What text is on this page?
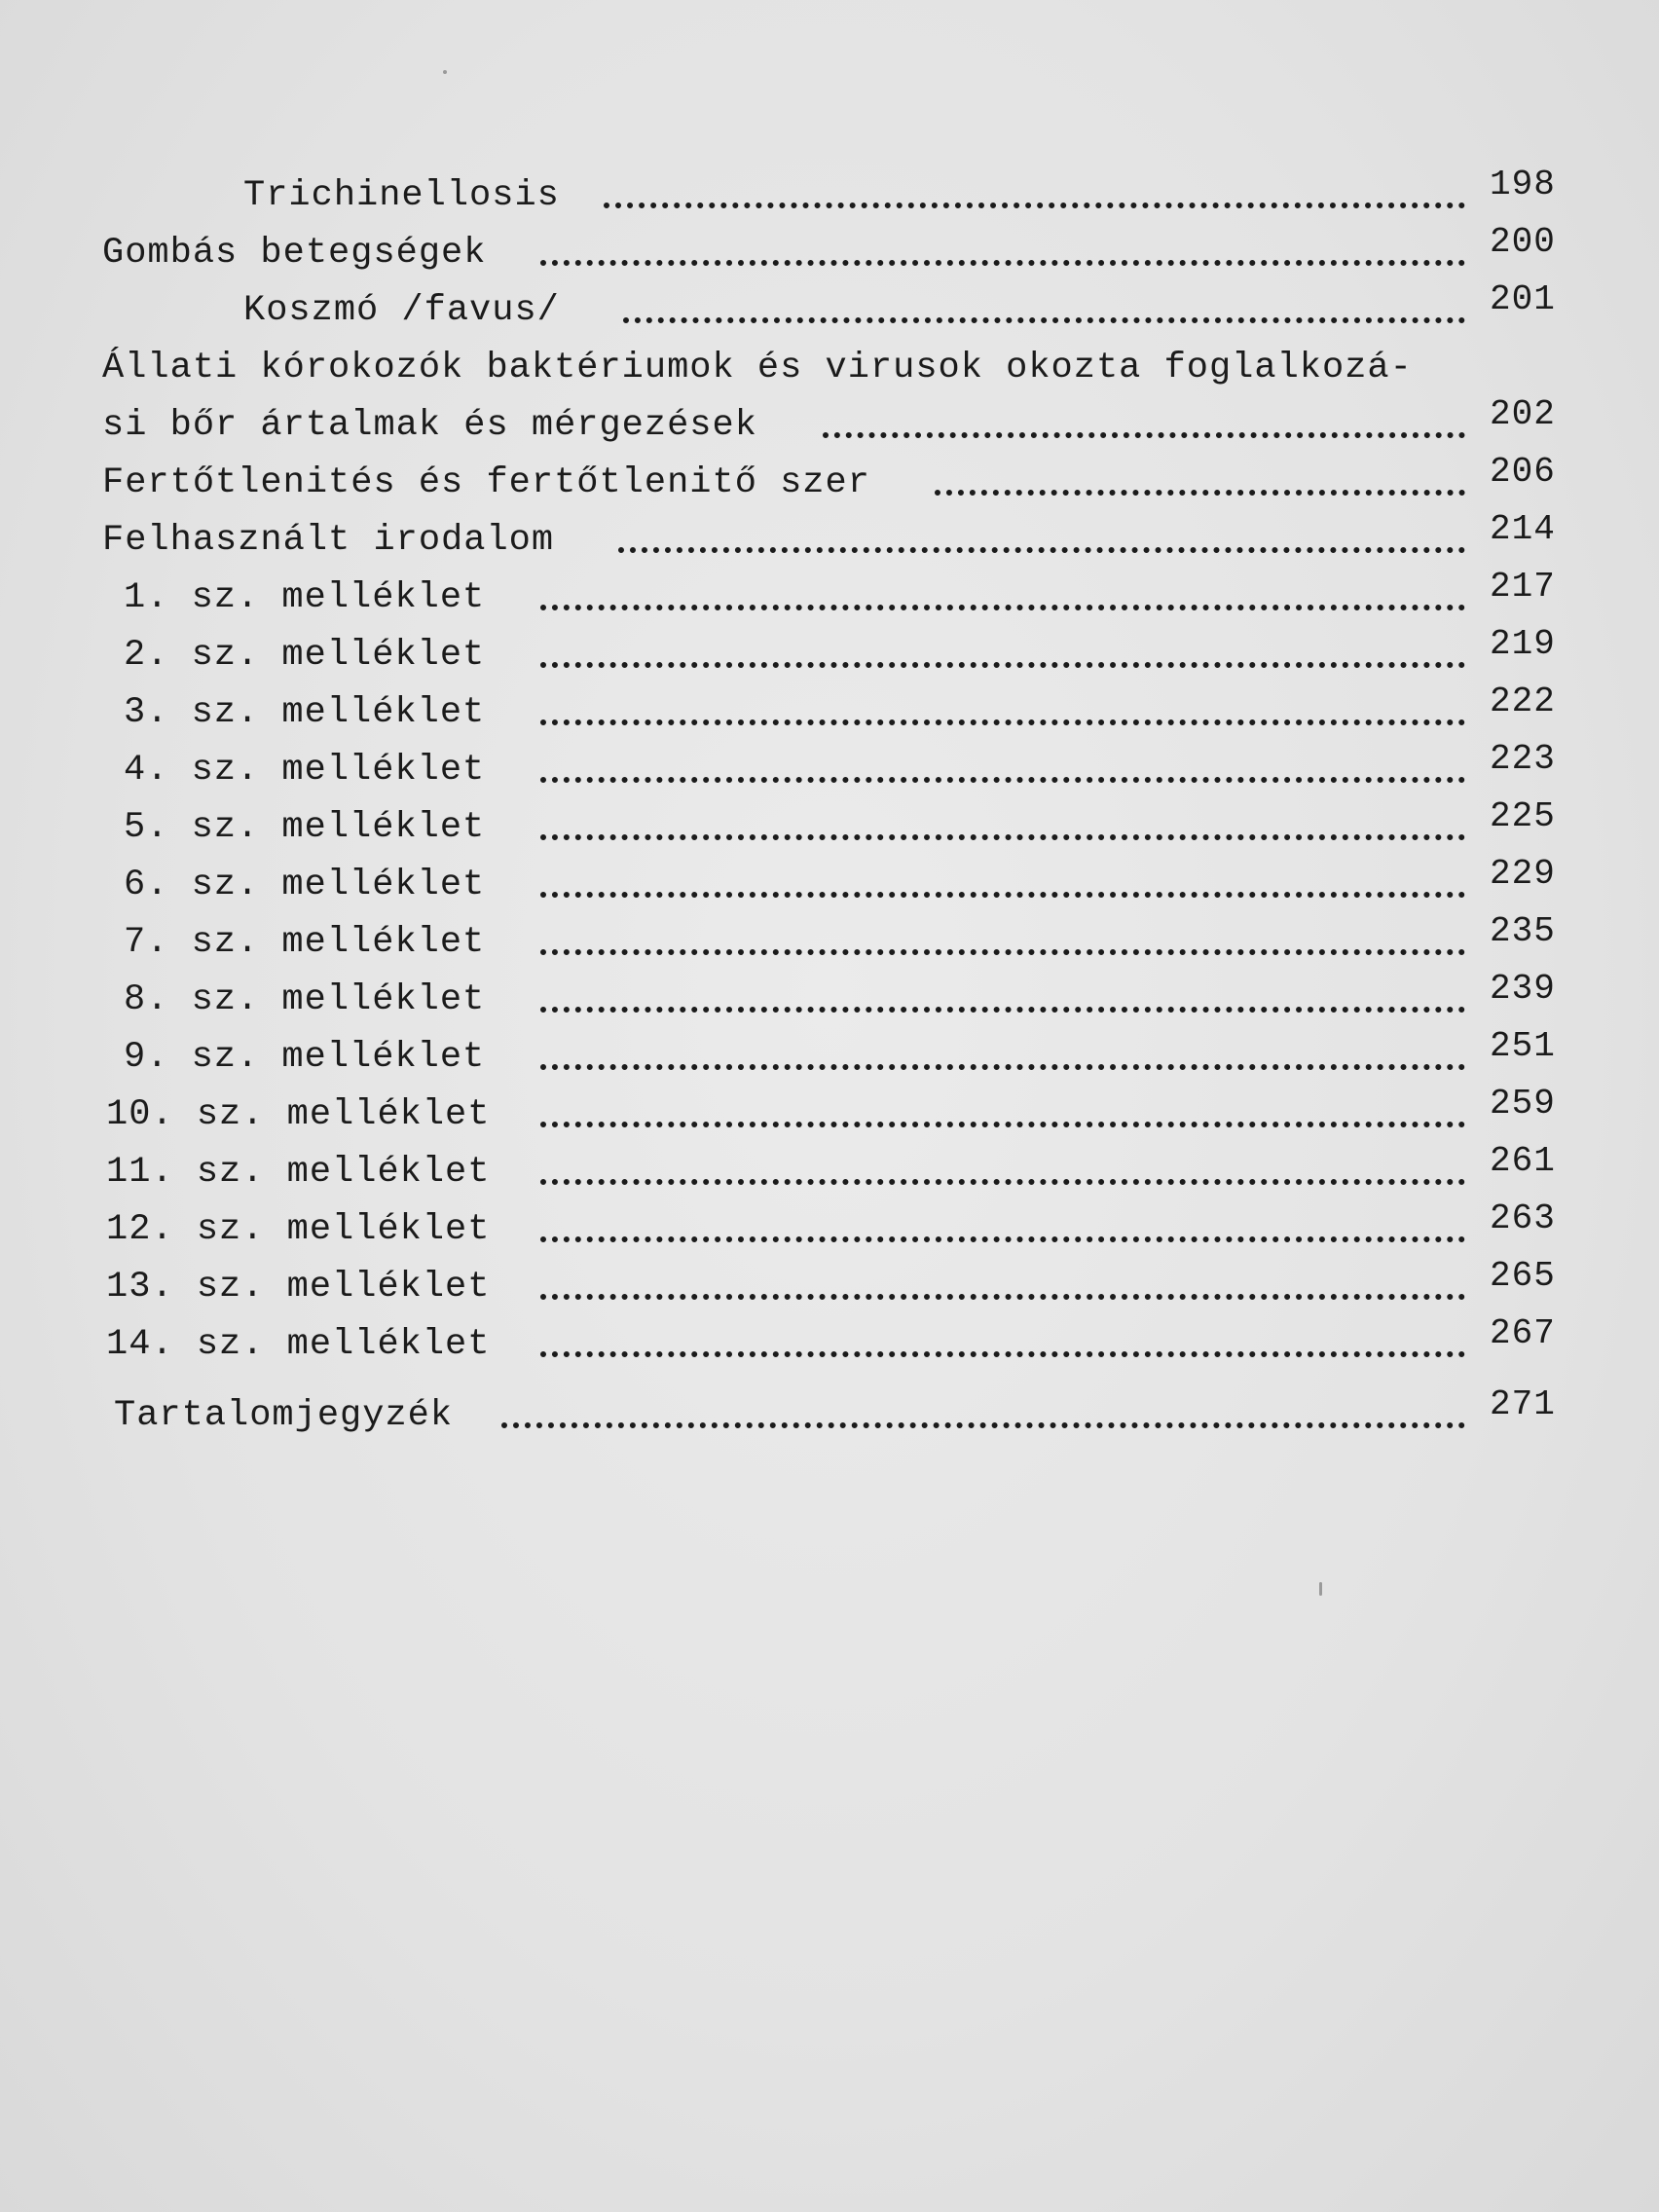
Trichinellosis	198
Gombás betegségek	200
Koszmó /favus/	201
Állati kórokozók baktériumok és virusok okozta foglalkozá-
si bőr ártalmak és mérgezések	202
Fertőtlenités és fertőtlenitő szer	206
Felhasznált irodalom	214
1. sz. melléklet	217
2. sz. melléklet	219
3. sz. melléklet	222
4. sz. melléklet	223
5. sz. melléklet	225
6. sz. melléklet	229
7. sz. melléklet	235
8. sz. melléklet	239
9. sz. melléklet	251
10. sz. melléklet	259
11. sz. melléklet	261
12. sz. melléklet	263
13. sz. melléklet	265
14. sz. melléklet	267
Tartalomjegyzék	271
